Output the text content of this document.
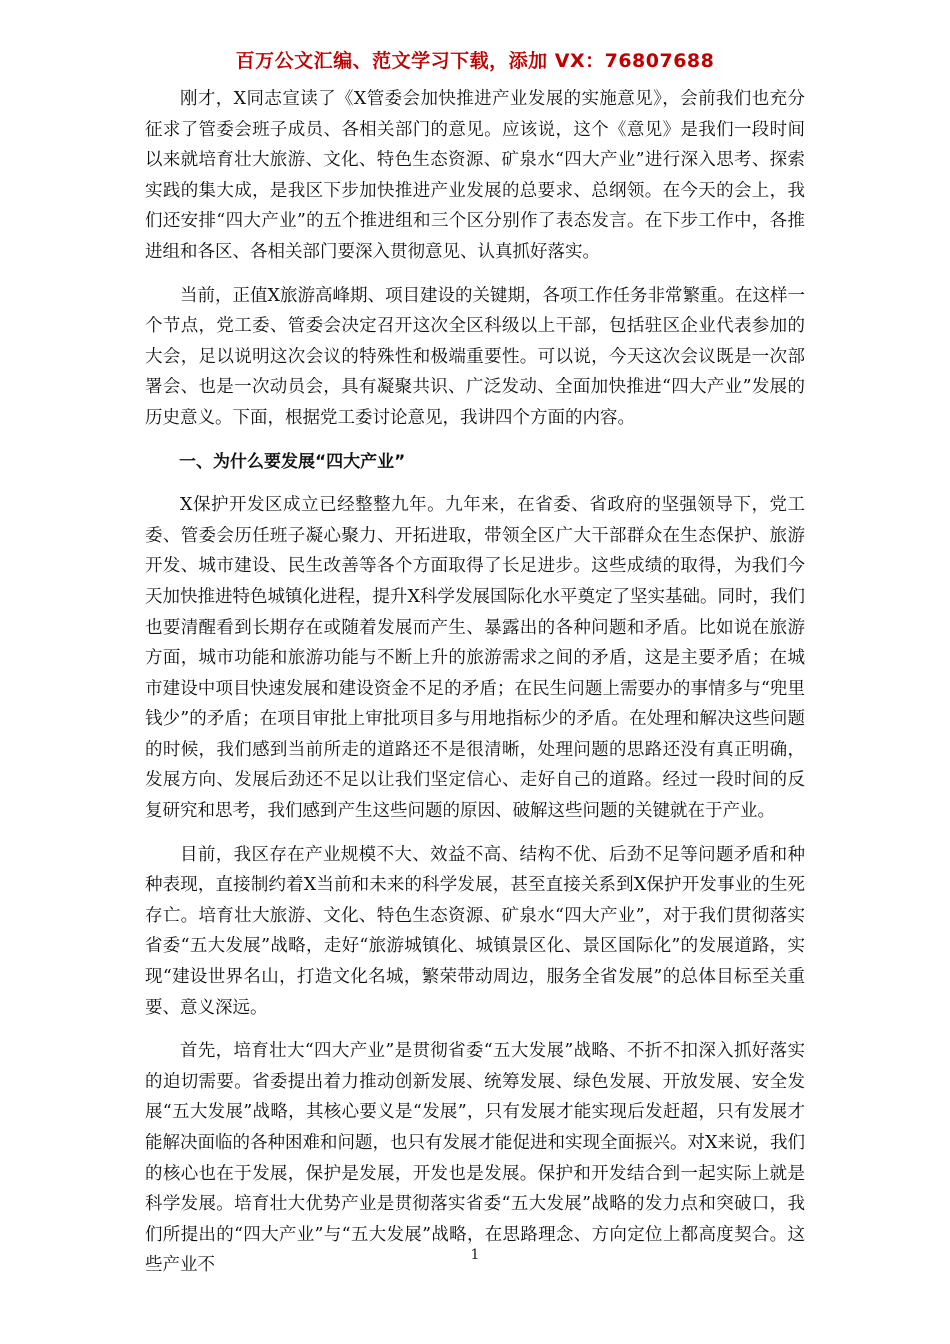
百万公文汇编、范文学习下载，添加 VX：76807688

刚才，X同志宣读了《X管委会加快推进产业发展的实施意见》，会前我们也充分征求了管委会班子成员、各相关部门的意见。应该说，这个《意见》是我们一段时间以来就培育壮大旅游、文化、特色生态资源、矿泉水“四大产业”进行深入思考、探索实践的集大成，是我区下步加快推进产业发展的总要求、总纲领。在今天的会上，我们还安排“四大产业”的五个推进组和三个区分别作了表态发言。在下步工作中，各推进组和各区、各相关部门要深入贯彻意见、认真抓好落实。

当前，正值X旅游高峰期、项目建设的关键期，各项工作任务非常繁重。在这样一个节点，党工委、管委会决定召开这次全区科级以上干部，包括驻区企业代表参加的大会，足以说明这次会议的特殊性和极端重要性。可以说，今天这次会议既是一次部署会、也是一次动员会，具有凝聚共识、广泛发动、全面加快推进“四大产业”发展的历史意义。下面，根据党工委讨论意见，我讲四个方面的内容。

一、为什么要发展“四大产业”

X保护开发区成立已经整整九年。九年来，在省委、省政府的坚强领导下，党工委、管委会历任班子凝心聚力、开拓进取，带领全区广大干部群众在生态保护、旅游开发、城市建设、民生改善等各个方面取得了长足进步。这些成绩的取得，为我们今天加快推进特色城镇化进程，提升X科学发展国际化水平奠定了坚实基础。同时，我们也要清醒看到长期存在或随着发展而产生、暴露出的各种问题和矛盾。比如说在旅游方面，城市功能和旅游功能与不断上升的旅游需求之间的矛盾，这是主要矛盾；在城市建设中项目快速发展和建设资金不足的矛盾；在民生问题上需要办的事情多与“兜里钱少”的矛盾；在项目审批上审批项目多与用地指标少的矛盾。在处理和解决这些问题的时候，我们感到当前所走的道路还不是很清晰，处理问题的思路还没有真正明确，发展方向、发展后劲还不足以让我们坚定信心、走好自己的道路。经过一段时间的反复研究和思考，我们感到产生这些问题的原因、破解这些问题的关键就在于产业。

目前，我区存在产业规模不大、效益不高、结构不优、后劲不足等问题矛盾和种种表现，直接制约着X当前和未来的科学发展，甚至直接关系到X保护开发事业的生死存亡。培育壮大旅游、文化、特色生态资源、矿泉水“四大产业”，对于我们贯彻落实省委“五大发展”战略，走好“旅游城镇化、城镇景区化、景区国际化”的发展道路，实现“建设世界名山，打造文化名城，繁荣带动周边，服务全省发展”的总体目标至关重要、意义深远。

首先，培育壮大“四大产业”是贯彻省委“五大发展”战略、不折不扣深入抓好落实的迫切需要。省委提出着力推动创新发展、统筹发展、绿色发展、开放发展、安全发展“五大发展”战略，其核心要义是“发展”，只有发展才能实现后发赶超，只有发展才能解决面临的各种困难和问题，也只有发展才能促进和实现全面振兴。对X来说，我们的核心也在于发展，保护是发展，开发也是发展。保护和开发结合到一起实际上就是科学发展。培育壮大优势产业是贯彻落实省委“五大发展”战略的发力点和突破口，我们所提出的“四大产业”与“五大发展”战略，在思路理念、方向定位上都高度契合。这些产业不

1
